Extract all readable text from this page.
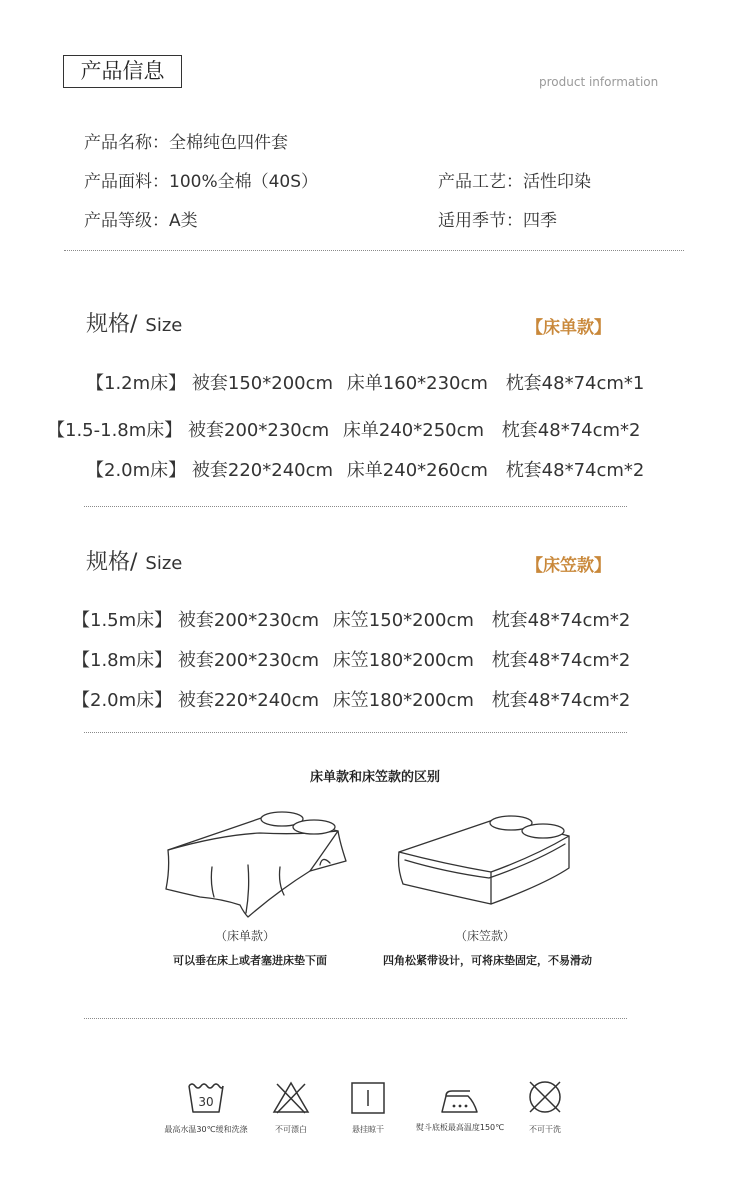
产品信息	product information
产品名称：全棉纯色四件套
产品面料：100%全棉（40S）	产品工艺：活性印染
产品等级：A类	适用季节：四季
规格/ Size	【床单款】
【1.2m床】 被套150*200cm 床单160*230cm 枕套48*74cm*1
【1.5-1.8m床】 被套200*230cm 床单240*250cm 枕套48*74cm*2
【2.0m床】 被套220*240cm 床单240*260cm 枕套48*74cm*2
规格/ Size	【床笠款】
【1.5m床】 被套200*230cm 床笠150*200cm 枕套48*74cm*2
【1.8m床】 被套200*230cm 床笠180*200cm 枕套48*74cm*2
【2.0m床】 被套220*240cm 床笠180*200cm 枕套48*74cm*2
床单款和床笠款的区别
（床单款）
可以垂在床上或者塞进床垫下面
（床笠款）
四角松紧带设计，可将床垫固定，不易滑动
30
最高水温30℃缓和洗涤	不可漂白	悬挂晾干	熨斗底板最高温度150℃	不可干洗
